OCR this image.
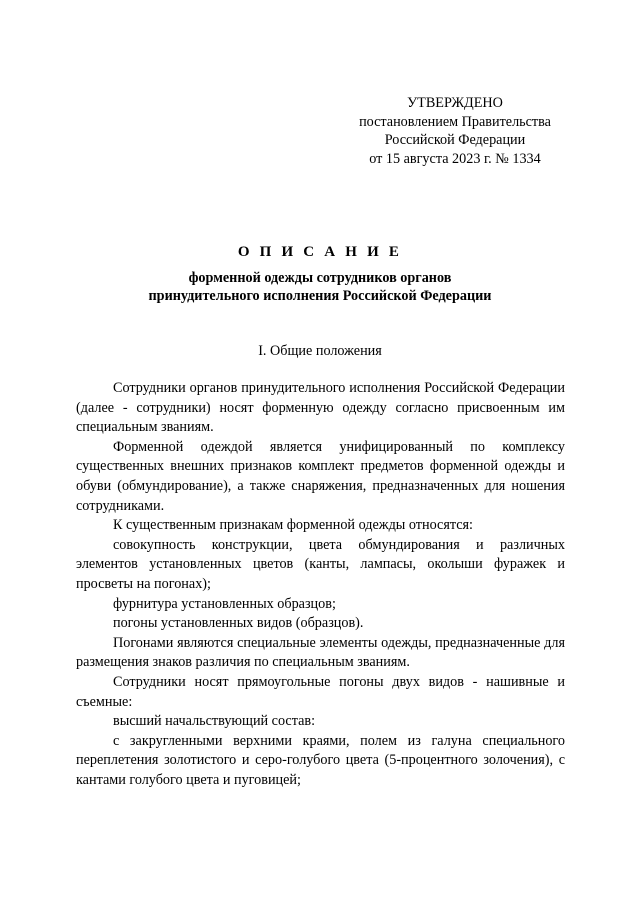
УТВЕРЖДЕНО
постановлением Правительства
Российской Федерации
от 15 августа 2023 г. № 1334
О П И С А Н И Е
форменной одежды сотрудников органов
принудительного исполнения Российской Федерации
I. Общие положения

Сотрудники органов принудительного исполнения Российской Федерации (далее - сотрудники) носят форменную одежду согласно присвоенным им специальным званиям.

Форменной одеждой является унифицированный по комплексу существенных внешних признаков комплект предметов форменной одежды и обуви (обмундирование), а также снаряжения, предназначенных для ношения сотрудниками.

К существенным признакам форменной одежды относятся:

совокупность конструкции, цвета обмундирования и различных элементов установленных цветов (канты, лампасы, околыши фуражек и просветы на погонах);

фурнитура установленных образцов;

погоны установленных видов (образцов).

Погонами являются специальные элементы одежды, предназначенные для размещения знаков различия по специальным званиям.

Сотрудники носят прямоугольные погоны двух видов - нашивные и съемные:

высший начальствующий состав:

с закругленными верхними краями, полем из галуна специального переплетения золотистого и серо-голубого цвета (5-процентного золочения), с кантами голубого цвета и пуговицей;
